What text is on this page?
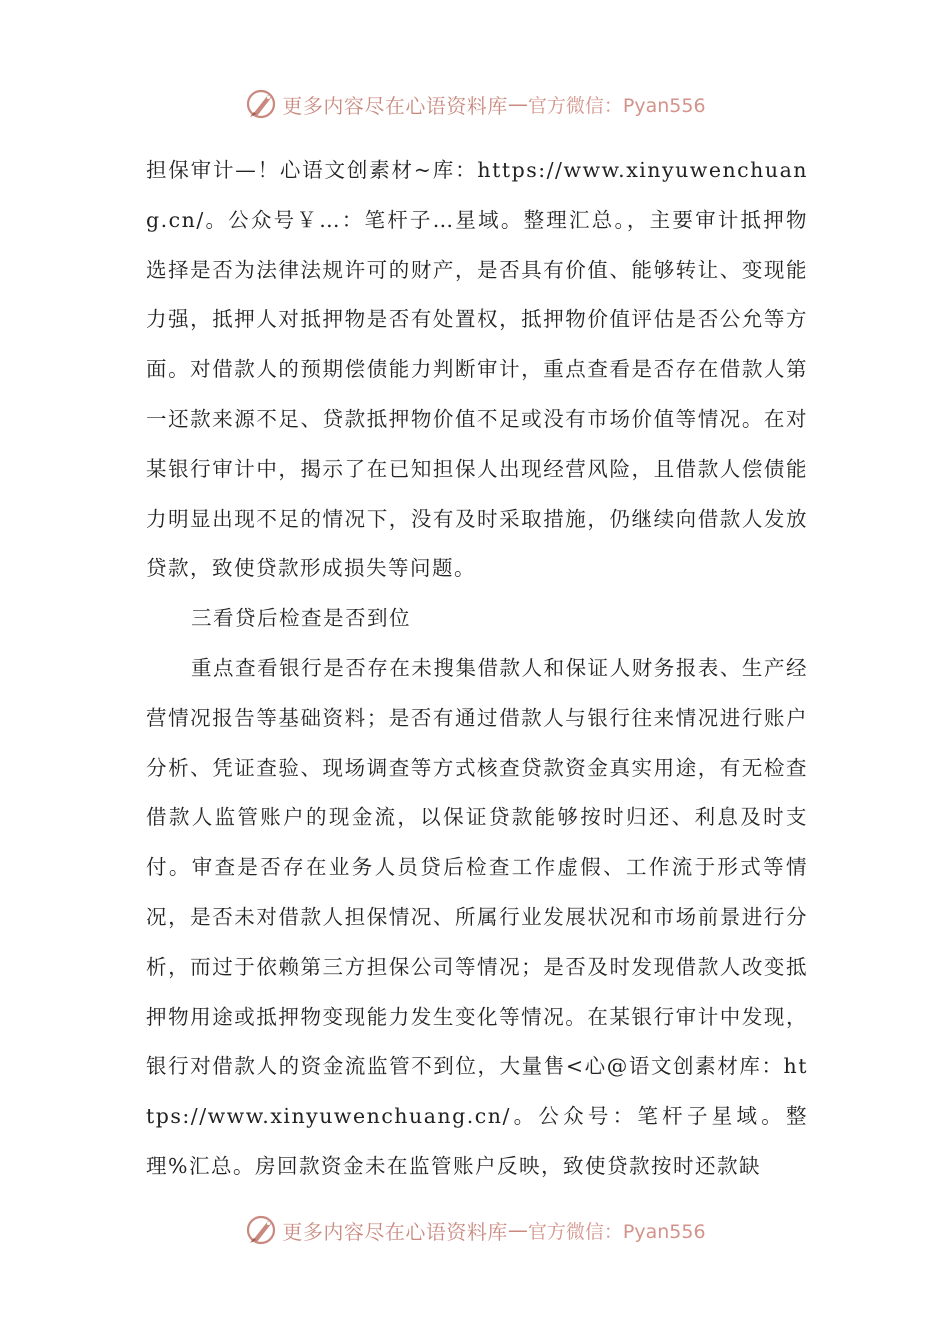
更多内容尽在心语资料库 — 官方微信：Pyan556

担保审计—！心语文创素材~库：https://www.xinyuwenchuang.cn/。公众号￥…：笔杆子…星域。整理汇总。，主要审计抵押物选择是否为法律法规许可的财产，是否具有价值、能够转让、变现能力强，抵押人对抵押物是否有处置权，抵押物价值评估是否公允等方面。对借款人的预期偿债能力判断审计，重点查看是否存在借款人第一还款来源不足、贷款抵押物价值不足或没有市场价值等情况。在对某银行审计中，揭示了在已知担保人出现经营风险，且借款人偿债能力明显出现不足的情况下，没有及时采取措施，仍继续向借款人发放贷款，致使贷款形成损失等问题。

三看贷后检查是否到位

重点查看银行是否存在未搜集借款人和保证人财务报表、生产经营情况报告等基础资料；是否有通过借款人与银行往来情况进行账户分析、凭证查验、现场调查等方式核查贷款资金真实用途，有无检查借款人监管账户的现金流，以保证贷款能够按时归还、利息及时支付。审查是否存在业务人员贷后检查工作虚假、工作流于形式等情况，是否未对借款人担保情况、所属行业发展状况和市场前景进行分析，而过于依赖第三方担保公司等情况；是否及时发现借款人改变抵押物用途或抵押物变现能力发生变化等情况。在某银行审计中发现，银行对借款人的资金流监管不到位，大量售<心@语文创素材库：https://www.xinyuwenchuang.cn/。公众号：笔杆子星域。整理%汇总。房回款资金未在监管账户反映，致使贷款按时还款缺

更多内容尽在心语资料库 — 官方微信：Pyan556
